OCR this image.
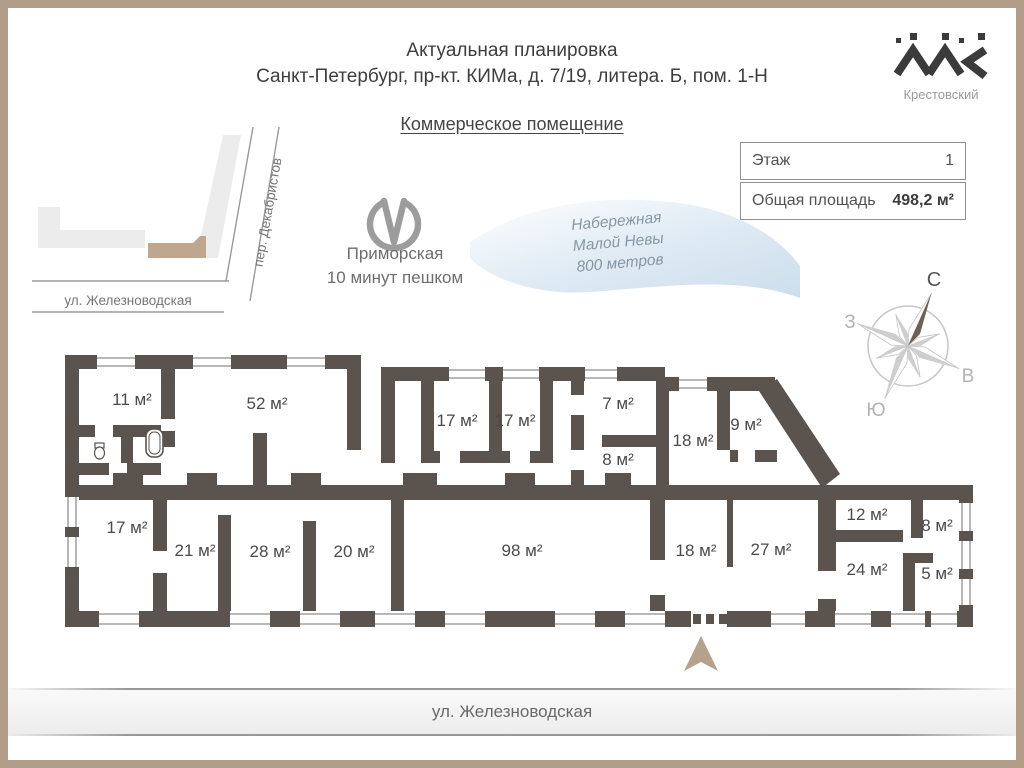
Актуальная планировка
Санкт-Петербург, пр-кт. КИМа, д. 7/19, литера. Б, пом. 1-Н
Коммерческое помещение
Крестовский
Этаж	1
Общая площадь 498,2 м²
ул. Железноводская
пер. Декабристов	Приморская
10 минут пешком
Набережная
Малой Невы
800 метров
С
З
В
Ю
11 м²	52 м²
17 м² 17 м²
7 м²
8 м²
18 м²
9 м²
17 м²
21 м² 28 м²	20 м²	98 м²	18 м² 27 м²
12 м²
8 м²
24 м² 5 м²
ул. Железноводская
